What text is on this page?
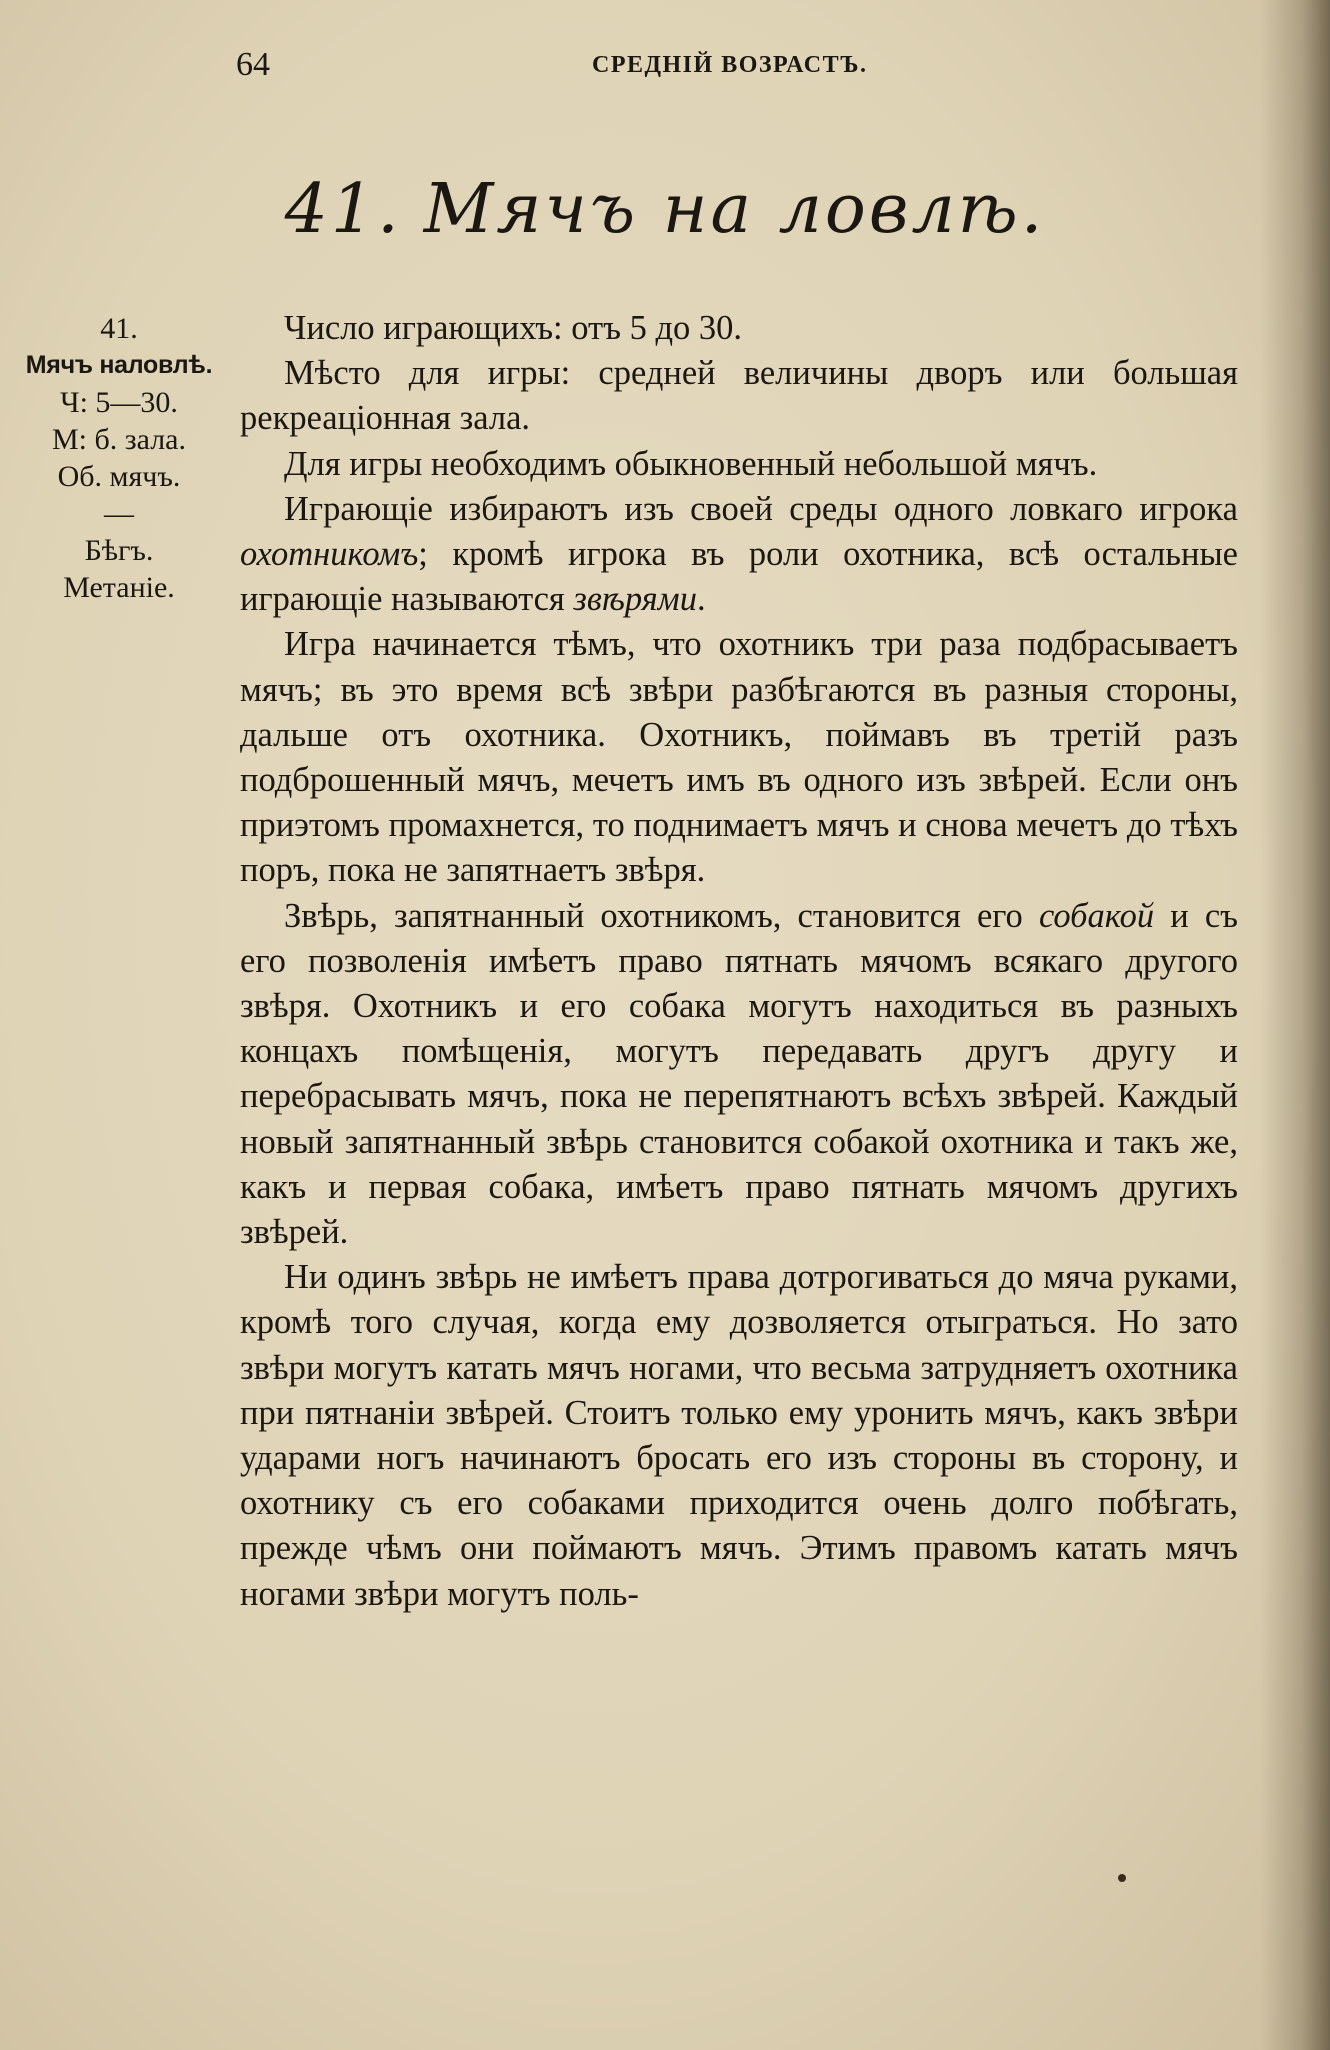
64	СРЕДНІЙ ВОЗРАСТЪ.
41. Мячъ на ловлѣ.
41.
Мячъ наловлѣ.
Ч: 5—30.
М: б. зала.
Об. мячъ.
—
Бѣгъ.
Метаніе.

Число играющихъ: отъ 5 до 30.

Мѣсто для игры: средней величины дворъ или большая рекреаціонная зала.

Для игры необходимъ обыкновенный небольшой мячъ.

Играющіе избираютъ изъ своей среды одного ловкаго игрока охотникомъ; кромѣ игрока въ роли охотника, всѣ остальные играющіе называются звѣрями.

Игра начинается тѣмъ, что охотникъ три раза подбрасываетъ мячъ; въ это время всѣ звѣри разбѣгаются въ разныя стороны, дальше отъ охотника. Охотникъ, поймавъ въ третій разъ подброшенный мячъ, мечетъ имъ въ одного изъ звѣрей. Если онъ приэтомъ промахнется, то поднимаетъ мячъ и снова мечетъ до тѣхъ поръ, пока не запятнаетъ звѣря.

Звѣрь, запятнанный охотникомъ, становится его собакой и съ его позволенія имѣетъ право пятнать мячомъ всякаго другого звѣря. Охотникъ и его собака могутъ находиться въ разныхъ концахъ помѣщенія, могутъ передавать другъ другу и перебрасывать мячъ, пока не перепятнаютъ всѣхъ звѣрей. Каждый новый запятнанный звѣрь становится собакой охотника и такъ же, какъ и первая собака, имѣетъ право пятнать мячомъ другихъ звѣрей.

Ни одинъ звѣрь не имѣетъ права дотрогиваться до мяча руками, кромѣ того случая, когда ему дозволяется отыграться. Но зато звѣри могутъ катать мячъ ногами, что весьма затрудняетъ охотника при пятнаніи звѣрей. Стоитъ только ему уронить мячъ, какъ звѣри ударами ногъ начинаютъ бросать его изъ стороны въ сторону, и охотнику съ его собаками приходится очень долго побѣгать, прежде чѣмъ они поймаютъ мячъ. Этимъ правомъ катать мячъ ногами звѣри могутъ поль-
